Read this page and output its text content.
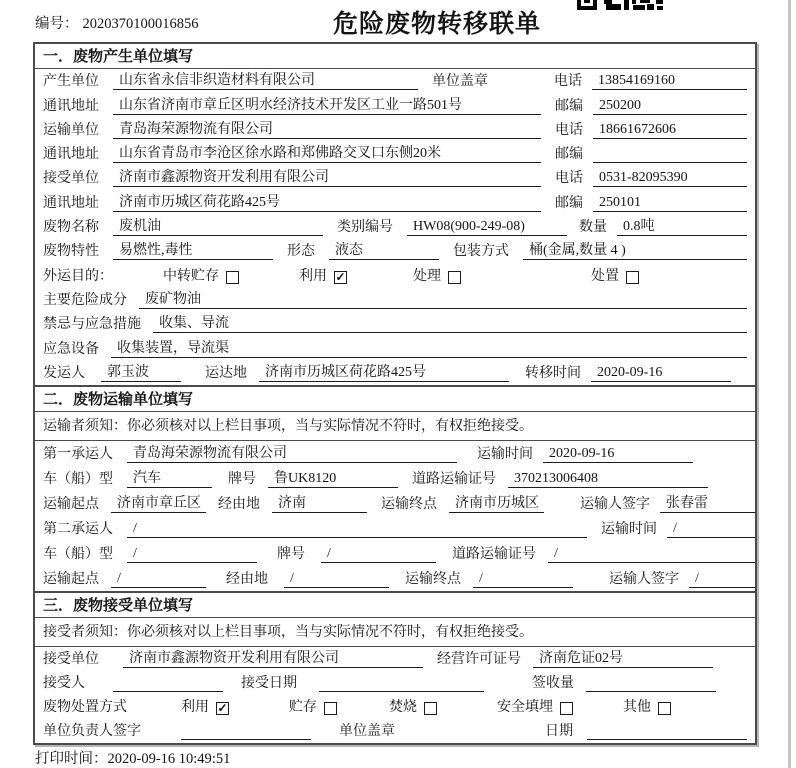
编号： 2020370100016856	危险废物转移联单
一．废物产生单位填写
产生单位	山东省永信非织造材料有限公司	单位盖章	电话	13854169160
通讯地址	山东省济南市章丘区明水经济技术开发区工业一路501号	邮编	250200
运输单位	青岛海荣源物流有限公司	电话	18661672606
通讯地址	山东省青岛市李沧区徐水路和郑佛路交叉口东侧20米	邮编
接受单位	济南市鑫源物资开发利用有限公司	电话	0531-82095390
通讯地址	济南市历城区荷花路425号	邮编	250101
废物名称	废机油	类别编号	HW08(900-249-08)	数量	0.8吨
废物特性	易燃性,毒性	形态	液态	包装方式	桶(金属,数量 4 )
外运目的：	中转贮存	利用 ✓	处理	处置
主要危险成分	废矿物油
禁忌与应急措施	收集、导流
应急设备	收集装置，导流渠
发运人	郭玉波	运达地	济南市历城区荷花路425号	转移时间	2020-09-16
二．废物运输单位填写
运输者须知：你必须核对以上栏目事项，当与实际情况不符时，有权拒绝接受。
第一承运人	青岛海荣源物流有限公司	运输时间	2020-09-16
车（船）型	汽车	牌号	鲁UK8120	道路运输证号	370213006408
运输起点	济南市章丘区	经由地	济南	运输终点	济南市历城区	运输人签字	张春雷
第二承运人	/	运输时间	/
车（船）型	/	牌号	/	道路运输证号	/
运输起点	/	经由地	/	运输终点	/	运输人签字	/
三．废物接受单位填写
接受者须知：你必须核对以上栏目事项，当与实际情况不符时，有权拒绝接受。
接受单位	济南市鑫源物资开发利用有限公司	经营许可证号	济南危证02号
接受人	接受日期	签收量
废物处置方式	利用 ✓	贮存	焚烧	安全填埋	其他
单位负责人签字	单位盖章	日期
打印时间：2020-09-16 10:49:51
